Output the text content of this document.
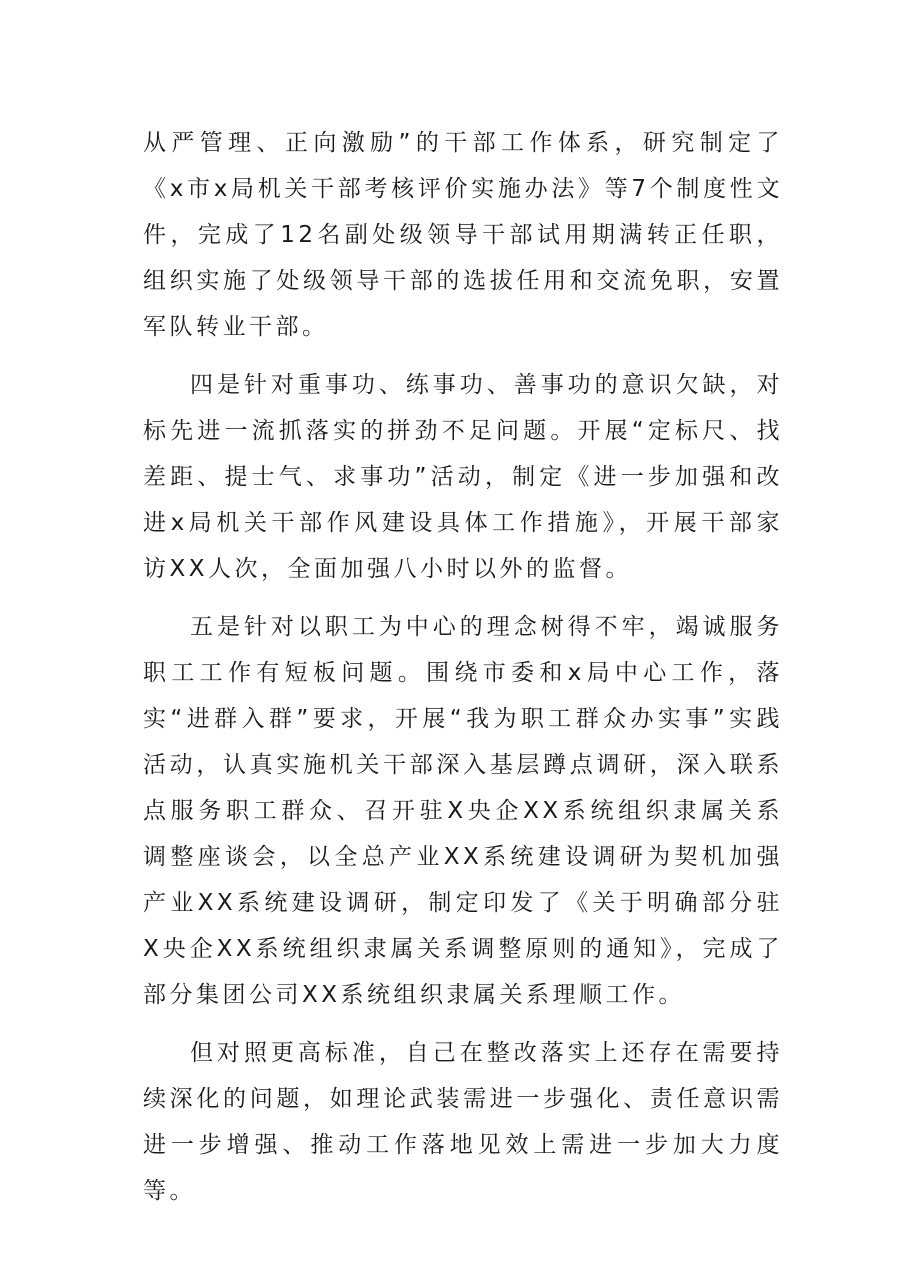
从严管理、正向激励”的干部工作体系，研究制定了《x市x局机关干部考核评价实施办法》等7个制度性文件，完成了12名副处级领导干部试用期满转正任职，组织实施了处级领导干部的选拔任用和交流免职，安置军队转业干部。

四是针对重事功、练事功、善事功的意识欠缺，对标先进一流抓落实的拼劲不足问题。开展“定标尺、找差距、提士气、求事功”活动，制定《进一步加强和改进x局机关干部作风建设具体工作措施》，开展干部家访XX人次，全面加强八小时以外的监督。

五是针对以职工为中心的理念树得不牢，竭诚服务职工工作有短板问题。围绕市委和x局中心工作，落实“进群入群”要求，开展“我为职工群众办实事”实践活动，认真实施机关干部深入基层蹲点调研，深入联系点服务职工群众、召开驻X央企XX系统组织隶属关系调整座谈会，以全总产业XX系统建设调研为契机加强产业XX系统建设调研，制定印发了《关于明确部分驻X央企XX系统组织隶属关系调整原则的通知》，完成了部分集团公司XX系统组织隶属关系理顺工作。

但对照更高标准，自己在整改落实上还存在需要持续深化的问题，如理论武装需进一步强化、责任意识需进一步增强、推动工作落地见效上需进一步加大力度等。
